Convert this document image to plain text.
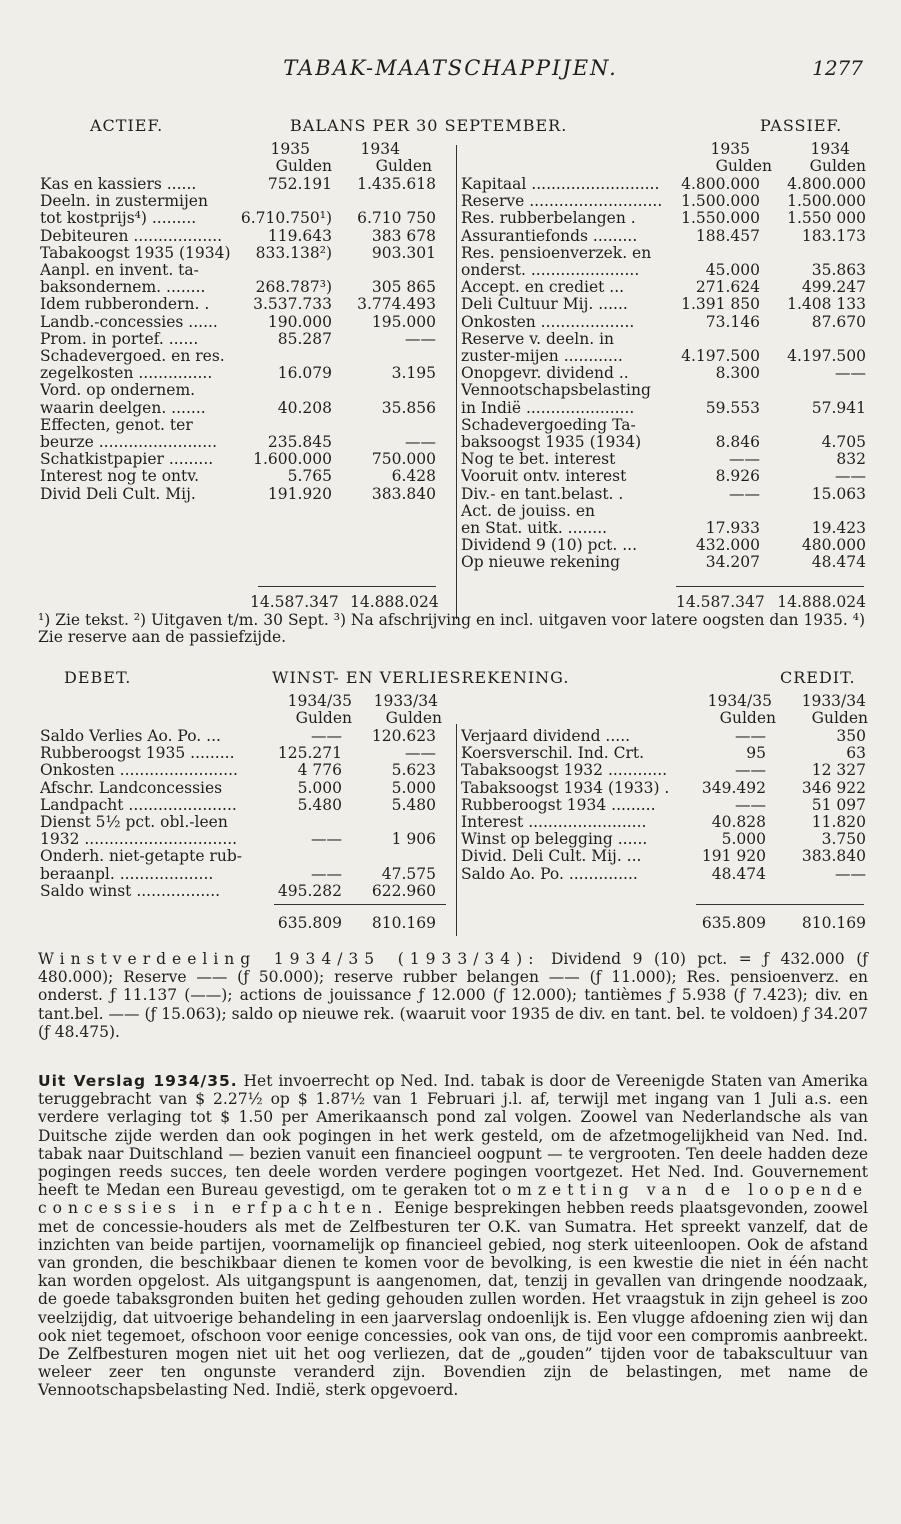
TABAK-MAATSCHAPPIJEN.	1277
ACTIEF.	BALANS PER 30 SEPTEMBER.	PASSIEF.
1935	1934	1935	1934
Gulden	Gulden	Gulden	Gulden
Kas en kassiers ......	752.191	1.435.618
Deeln. in zustermijen
tot kostprijs⁴) .........	6.710.750¹)	6.710 750
Debiteuren ..................	119.643	383 678
Tabakoogst 1935 (1934)	833.138²)	903.301
Aanpl. en invent. ta-
baksondernem. ........	268.787³)	305 865
Idem rubberondern. .	3.537.733	3.774.493
Landb.-concessies ......	190.000	195.000
Prom. in portef. ......	85.287	——
Schadevergoed. en res.
zegelkosten ...............	16.079	3.195
Vord. op ondernem.
waarin deelgen. .......	40.208	35.856
Effecten, genot. ter
beurze ........................	235.845	——
Schatkistpapier .........	1.600.000	750.000
Interest nog te ontv.	5.765	6.428
Divid Deli Cult. Mij.	191.920	383.840
Kapitaal ..........................	4.800.000	4.800.000
Reserve ...........................	1.500.000	1.500.000
Res. rubberbelangen .	1.550.000	1.550 000
Assurantiefonds .........	188.457	183.173
Res. pensioenverzek. en
onderst. ......................	45.000	35.863
Accept. en crediet ...	271.624	499.247
Deli Cultuur Mij. ......	1.391 850	1.408 133
Onkosten ...................	73.146	87.670
Reserve v. deeln. in
zuster-mijen ............	4.197.500	4.197.500
Onopgevr. dividend ..	8.300	——
Vennootschapsbelasting
in Indië ......................	59.553	57.941
Schadevergoeding Ta-
baksoogst 1935 (1934)	8.846	4.705
Nog te bet. interest	——	832
Vooruit ontv. interest	8.926	——
Div.- en tant.belast. .	——	15.063
Act. de jouiss. en
en Stat. uitk. ........	17.933	19.423
Dividend 9 (10) pct. ...	432.000	480.000
Op nieuwe rekening	34.207	48.474
14.587.347 14.888.024	14.587.347 14.888.024
¹) Zie tekst. ²) Uitgaven t/m. 30 Sept. ³) Na afschrijving en incl. uitgaven voor latere oogsten dan 1935. ⁴) Zie reserve aan de passiefzijde.
DEBET.	WINST- EN VERLIESREKENING.	CREDIT.
1934/35	1933/34	1934/35	1933/34
Gulden	Gulden	Gulden	Gulden
Saldo Verlies Ao. Po. ...	——	120.623
Rubberoogst 1935 .........	125.271	——
Onkosten ........................	4 776	5.623
Afschr. Landconcessies	5.000	5.000
Landpacht ......................	5.480	5.480
Dienst 5½ pct. obl.-leen
1932 ...............................	——	1 906
Onderh. niet-getapte rub-
beraanpl. ...................	——	47.575
Saldo winst .................	495.282	622.960
Verjaard dividend .....	——	350
Koersverschil. Ind. Crt.	95	63
Tabaksoogst 1932 ............	——	12 327
Tabaksoogst 1934 (1933) .	349.492	346 922
Rubberoogst 1934 .........	——	51 097
Interest ........................	40.828	11.820
Winst op belegging ......	5.000	3.750
Divid. Deli Cult. Mij. ...	191 920	383.840
Saldo Ao. Po. ..............	48.474	——
635.809	810.169	635.809	810.169
Winstverdeeling 1934/35 (1933/34): Dividend 9 (10) pct. = ƒ 432.000 (ƒ 480.000); Reserve —— (ƒ 50.000); reserve rubber belangen —— (ƒ 11.000); Res. pensioenverz. en onderst. ƒ 11.137 (——); actions de jouissance ƒ 12.000 (ƒ 12.000); tantièmes ƒ 5.938 (ƒ 7.423); div. en tant.bel. —— (ƒ 15.063); saldo op nieuwe rek. (waaruit voor 1935 de div. en tant. bel. te voldoen) ƒ 34.207 (ƒ 48.475).
Uit Verslag 1934/35. Het invoerrecht op Ned. Ind. tabak is door de Vereenigde Staten van Amerika teruggebracht van $ 2.27½ op $ 1.87½ van 1 Februari j.l. af, terwijl met ingang van 1 Juli a.s. een verdere verlaging tot $ 1.50 per Amerikaansch pond zal volgen. Zoowel van Nederlandsche als van Duitsche zijde werden dan ook pogingen in het werk gesteld, om de afzetmogelijkheid van Ned. Ind. tabak naar Duitschland — bezien vanuit een financieel oogpunt — te vergrooten. Ten deele hadden deze pogingen reeds succes, ten deele worden verdere pogingen voortgezet. Het Ned. Ind. Gouvernement heeft te Medan een Bureau gevestigd, om te geraken tot omzetting van de loopende concessies in erfpachten. Eenige besprekingen hebben reeds plaatsgevonden, zoowel met de concessie-houders als met de Zelfbesturen ter O.K. van Sumatra. Het spreekt vanzelf, dat de inzichten van beide partijen, voornamelijk op financieel gebied, nog sterk uiteenloopen. Ook de afstand van gronden, die beschikbaar dienen te komen voor de bevolking, is een kwestie die niet in één nacht kan worden opgelost. Als uitgangspunt is aangenomen, dat, tenzij in gevallen van dringende noodzaak, de goede tabaksgronden buiten het geding gehouden zullen worden. Het vraagstuk in zijn geheel is zoo veelzijdig, dat uitvoerige behandeling in een jaarverslag ondoenlijk is. Een vlugge afdoening zien wij dan ook niet tegemoet, ofschoon voor eenige concessies, ook van ons, de tijd voor een compromis aanbreekt. De Zelfbesturen mogen niet uit het oog verliezen, dat de „gouden” tijden voor de tabakscultuur van weleer zeer ten ongunste veranderd zijn. Bovendien zijn de belastingen, met name de Vennootschapsbelasting Ned. Indië, sterk opgevoerd.
